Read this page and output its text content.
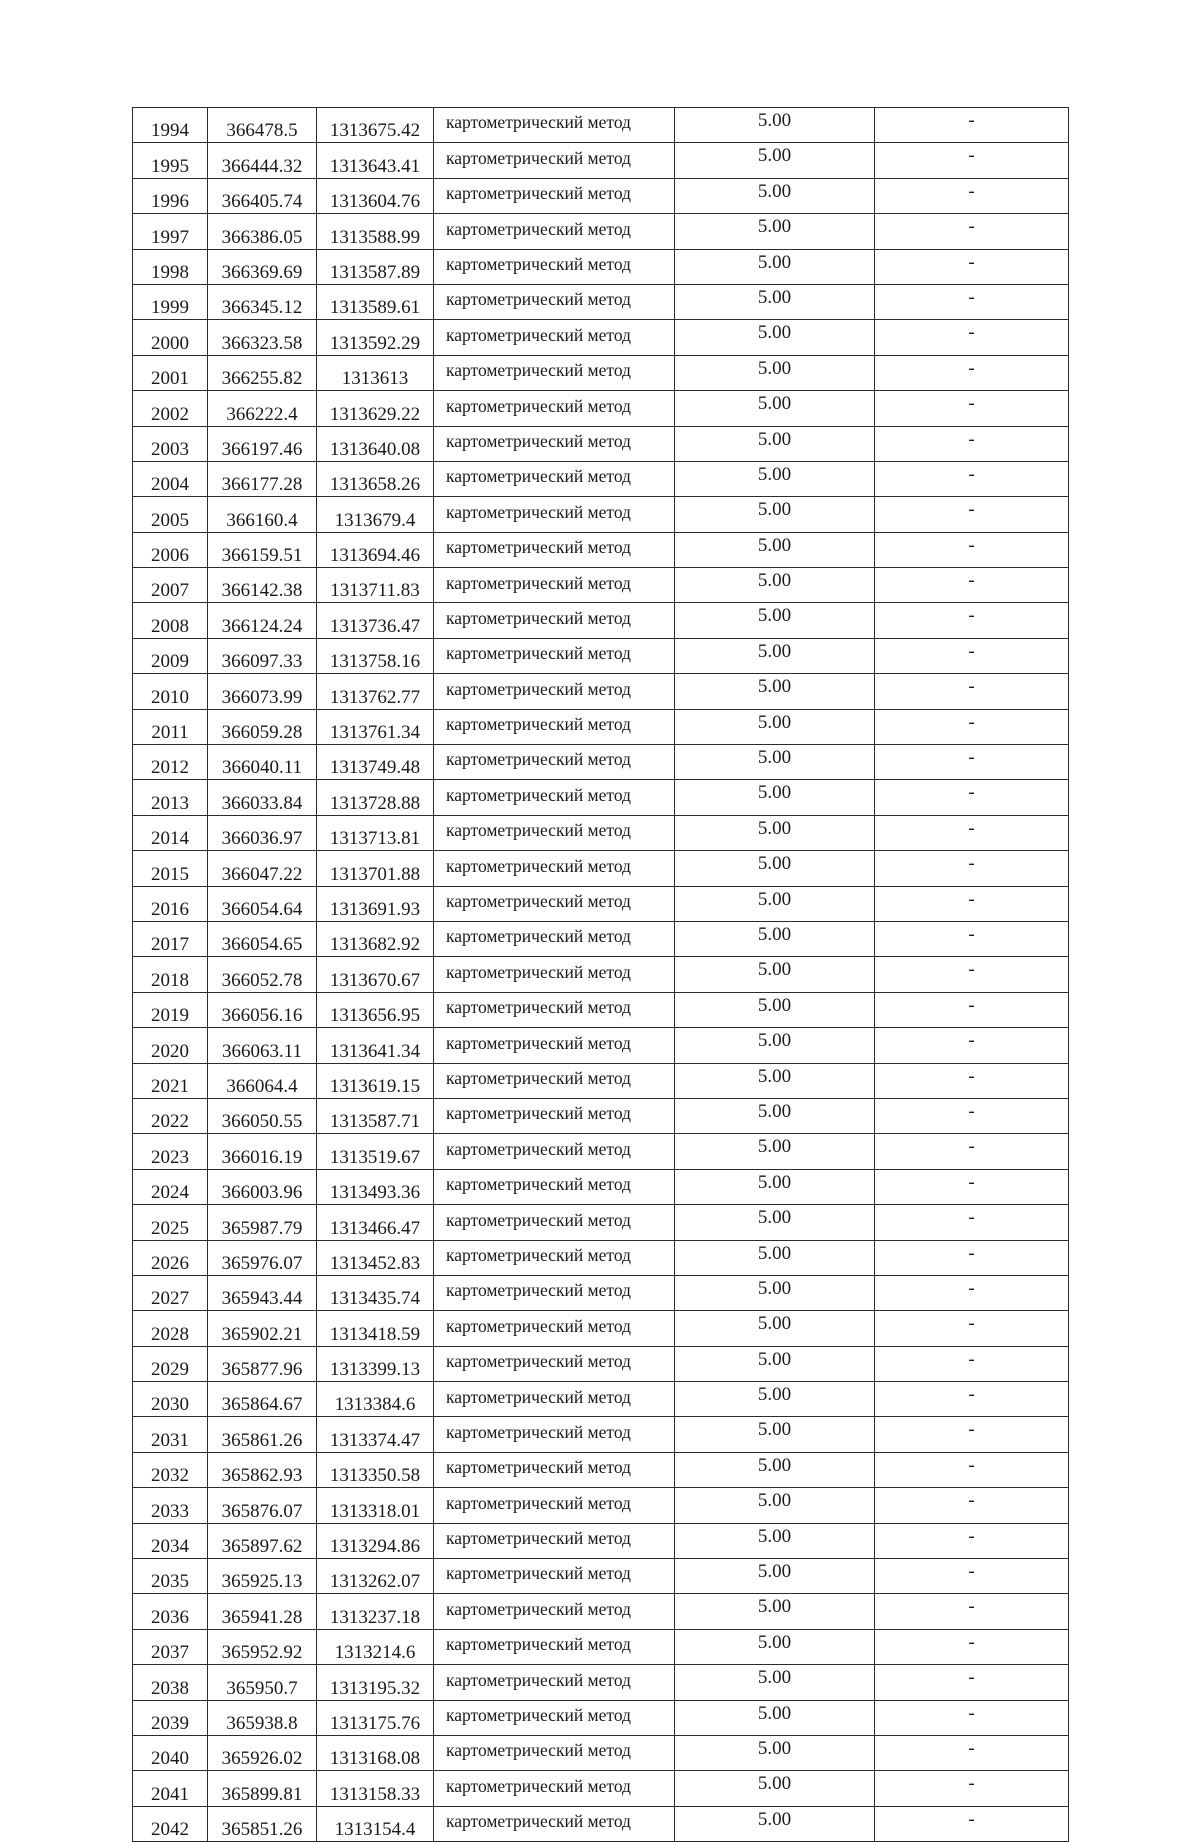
1994	366478.5	1313675.42	картометрический метод	5.00	-
1995	366444.32	1313643.41	картометрический метод	5.00	-
1996	366405.74	1313604.76	картометрический метод	5.00	-
1997	366386.05	1313588.99	картометрический метод	5.00	-
1998	366369.69	1313587.89	картометрический метод	5.00	-
1999	366345.12	1313589.61	картометрический метод	5.00	-
2000	366323.58	1313592.29	картометрический метод	5.00	-
2001	366255.82	1313613	картометрический метод	5.00	-
2002	366222.4	1313629.22	картометрический метод	5.00	-
2003	366197.46	1313640.08	картометрический метод	5.00	-
2004	366177.28	1313658.26	картометрический метод	5.00	-
2005	366160.4	1313679.4	картометрический метод	5.00	-
2006	366159.51	1313694.46	картометрический метод	5.00	-
2007	366142.38	1313711.83	картометрический метод	5.00	-
2008	366124.24	1313736.47	картометрический метод	5.00	-
2009	366097.33	1313758.16	картометрический метод	5.00	-
2010	366073.99	1313762.77	картометрический метод	5.00	-
2011	366059.28	1313761.34	картометрический метод	5.00	-
2012	366040.11	1313749.48	картометрический метод	5.00	-
2013	366033.84	1313728.88	картометрический метод	5.00	-
2014	366036.97	1313713.81	картометрический метод	5.00	-
2015	366047.22	1313701.88	картометрический метод	5.00	-
2016	366054.64	1313691.93	картометрический метод	5.00	-
2017	366054.65	1313682.92	картометрический метод	5.00	-
2018	366052.78	1313670.67	картометрический метод	5.00	-
2019	366056.16	1313656.95	картометрический метод	5.00	-
2020	366063.11	1313641.34	картометрический метод	5.00	-
2021	366064.4	1313619.15	картометрический метод	5.00	-
2022	366050.55	1313587.71	картометрический метод	5.00	-
2023	366016.19	1313519.67	картометрический метод	5.00	-
2024	366003.96	1313493.36	картометрический метод	5.00	-
2025	365987.79	1313466.47	картометрический метод	5.00	-
2026	365976.07	1313452.83	картометрический метод	5.00	-
2027	365943.44	1313435.74	картометрический метод	5.00	-
2028	365902.21	1313418.59	картометрический метод	5.00	-
2029	365877.96	1313399.13	картометрический метод	5.00	-
2030	365864.67	1313384.6	картометрический метод	5.00	-
2031	365861.26	1313374.47	картометрический метод	5.00	-
2032	365862.93	1313350.58	картометрический метод	5.00	-
2033	365876.07	1313318.01	картометрический метод	5.00	-
2034	365897.62	1313294.86	картометрический метод	5.00	-
2035	365925.13	1313262.07	картометрический метод	5.00	-
2036	365941.28	1313237.18	картометрический метод	5.00	-
2037	365952.92	1313214.6	картометрический метод	5.00	-
2038	365950.7	1313195.32	картометрический метод	5.00	-
2039	365938.8	1313175.76	картометрический метод	5.00	-
2040	365926.02	1313168.08	картометрический метод	5.00	-
2041	365899.81	1313158.33	картометрический метод	5.00	-
2042	365851.26	1313154.4	картометрический метод	5.00	-
